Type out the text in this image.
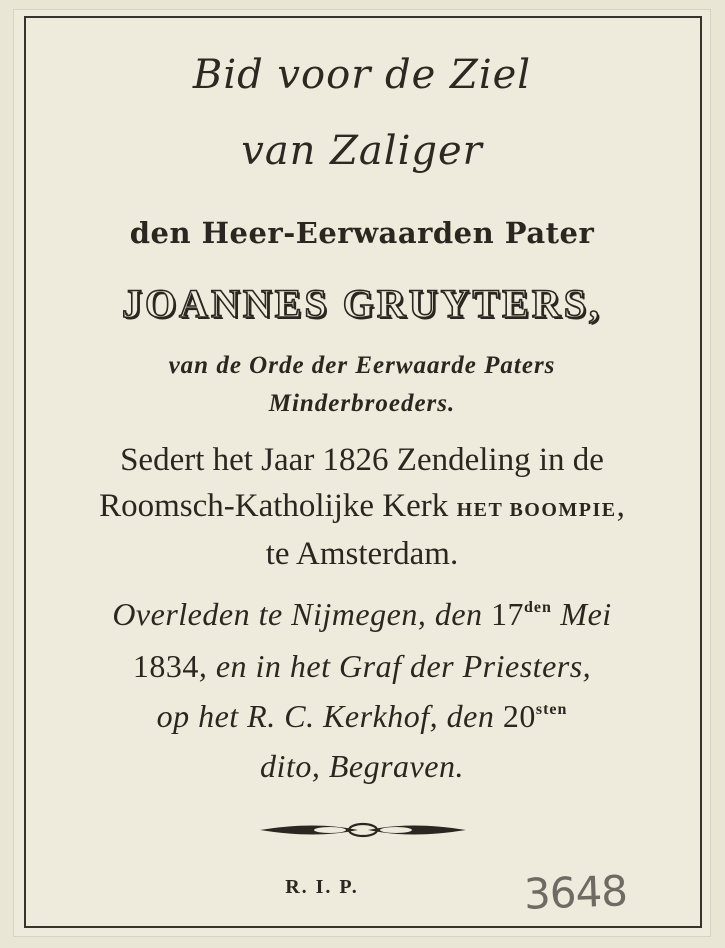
Bid voor de Ziel
van Zaliger
den Heer-Eerwaarden Pater
JOANNES GRUYTERS,
van de Orde der Eerwaarde Paters
Minderbroeders.
Sedert het Jaar 1826 Zendeling in de
Roomsch-Katholijke Kerk HET BOOMPIE,
te Amsterdam.
Overleden te Nijmegen, den $17^{den}$ Mei
1834, en in het Graf der Priesters,
op het R. C. Kerkhof, den $20^{sten}$
dito, Begraven.
R. I. P.	3648
